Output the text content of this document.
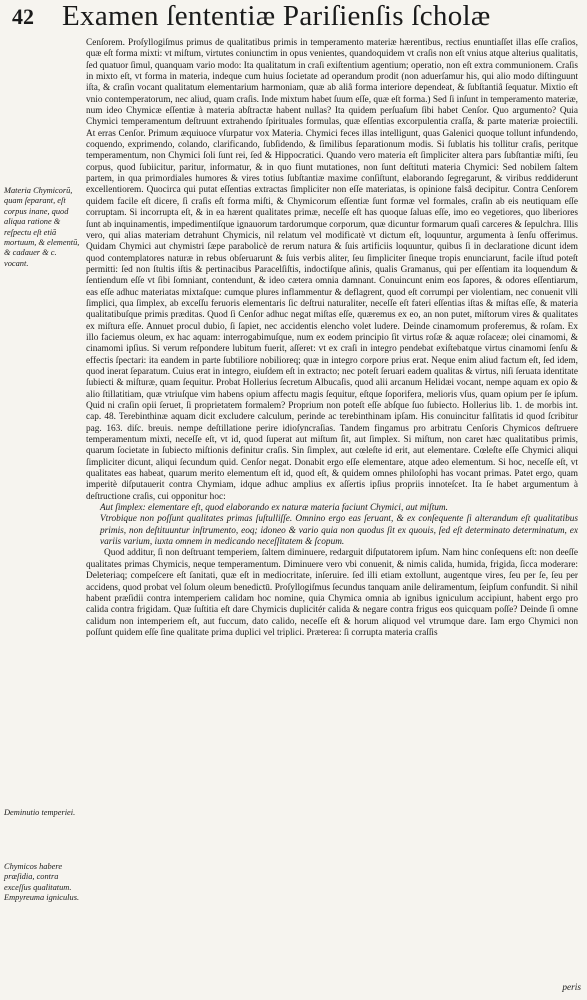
42 Examen ſententiæ Pariſienſis ſcholæ
Materia Chymicorū, quam ſeparant, eſt corpus inane, quod aliqua ratione & reſpectu eſt etiā mortuum, & elementū, & cadauer & c. vocant.
Deminutio temperiei.
Chymicos habere præſidia, contra exceſſus qualitatum. Empyreuma igniculus.

Cenſorem. Proſyllogiſmus primus de qualitatibus primis in temperamento materiæ hærentibus, rectius enuntiaſſet illas eſſe craſios, quæ eſt forma mixti: vt miſtum, virtutes coniunctim in opus venientes, quandoquidem vt craſis non eſt vnius atque alterius qualitatis, ſed quatuor ſimul, quanquam vario modo: Ita qualitatum in craſi exiſtentium agentium; operatio, non eſt extra communionem. Craſis in mixto eſt, vt forma in materia, indeque cum huius ſocietate ad operandum prodit (non aduerſamur his, qui alio modo diſtinguunt iſta, & craſin vocant qualitatum elementarium harmoniam, quæ ab aliâ forma interiore dependeat, & ſubſtantiâ ſequatur. Mixtio eſt vnio contemperatorum, nec aliud, quam craſis. Inde mixtum habet ſuum eſſe, quæ eſt forma.) Sed ſi inſunt in temperamento materiæ, num ideo Chymicæ eſſentiæ à materia abſtractæ habent nullas? Ita quidem perſuaſum ſibi habet Cenſor. Quo argumento? Quia Chymici temperamentum deſtruunt extrahendo ſpirituales formulas, quæ eſſentias excorpulentia craſſa, & parte materiæ proiectili. At erras Cenſor. Primum æquiuoce vſurpatur vox Materia. Chymici feces illas intelligunt, quas Galenici quoque tollunt infundendo, coquendo, exprimendo, colando, clarificando, ſubſidendo, & ſimilibus ſeparationum modis. Si ſublatis his tollitur craſis, peritque temperamentum, non Chymici ſoli ſunt rei, ſed & Hippocratici. Quando vero materia eſt ſimpliciter altera pars ſubſtantiæ miſti, ſeu corpus, quod ſubiicitur, paritur, informatur, & in quo fiunt mutationes, non ſunt deſtituti materia Chymici: Sed nobilem ſaltem partem, in qua primordiales humores & vires totius ſubſtantiæ maxime conſiſtunt, elaborando ſegregarunt, & viribus reddiderunt excellentiorem. Quocirca qui putat eſſentias extractas ſimpliciter non eſſe materiatas, is opinione falsâ decipitur. Contra Cenſorem quidem facile eſt dicere, ſi craſis eſt forma miſti, & Chymicorum eſſentiæ ſunt formæ vel formales, craſin ab eis neutiquam eſſe corruptam. Si incorrupta eſt, & in ea hærent qualitates primæ, neceſſe eſt has quoque ſaluas eſſe, imo eo vegetiores, quo liberiores ſunt ab inquinamentis, impedimentiſque ignauorum tardorumque corporum, quæ dicuntur formarum quaſi carceres & ſepulchra. Illis vero, qui alias materiam detrahunt Chymicis, nil relatum vel modificatè vt dictum eſt, loquuntur, argumenta à ſenſu offerimus. Quidam Chymici aut chymistri ſæpe parabolicè de rerum natura & ſuis artificiis loquuntur, quibus ſi in declaratione dicunt idem quod contemplatores naturæ in rebus obſeruarunt & ſuis verbis aliter, ſeu ſimpliciter ſineque tropis enunciarunt, facile iſtud poteſt permitti: ſed non ſtultis iſtis & pertinacibus Paracelſiſtis, indoctiſque aſinis, qualis Gramanus, qui per eſſentiam ita loquendum & ſentiendum eſſe vt ſibi ſomniant, contendunt, & ideo cætera omnia damnant. Conuincunt enim eos ſapores, & odores eſſentiarum, eas eſſe adhuc materiatas mixtaſque: cumque plures inflammentur & deflagrent, quod eſt corrumpi per violentiam, nec conuenit vlli ſimplici, qua ſimplex, ab exceſſu feruoris elementaris ſic deſtrui naturaliter, neceſſe eſt fateri eſſentias iſtas & miſtas eſſe, & materia qualitatibuſque primis præditas. Quod ſi Cenſor adhuc negat miſtas eſſe, quæremus ex eo, an non putet, miſtorum vires & qualitates ex miſtura eſſe. Annuet procul dubio, ſi ſapiet, nec accidentis elencho volet ludere. Deinde cinamomum proferemus, & roſam. Ex illo faciemus oleum, ex hac aquam: interrogabimuſque, num ex eodem principio ſit virtus roſæ & aquæ roſaceæ; olei cinamomi, & cinamomi ipſius. Si verum reſpondere lubitum fuerit, aſſeret: vt ex craſi in integro pendebat exiſtebatque virtus cinamomi ſenſu & effectis ſpectari: ita eandem in parte ſubtiliore nobilioreq; quæ in integro corpore prius erat. Neque enim aliud factum eſt, ſed idem, quod inerat ſeparatum. Cuius erat in integro, eiuſdem eſt in extracto; nec poteſt ſeruari eadem qualitas & virtus, niſi ſeruata identitate ſubiecti & miſturæ, quam ſequitur. Probat Hollerius ſecretum Albucaſis, quod alii arcanum Helidæi vocant, nempe aquam ex opio & alio ſtillatitiam, quæ vtriuſque vim habens opium affectu magis ſequitur, eſtque ſoporifera, melioris vſus, quam opium per ſe ipſum. Quid ni craſin opii ſeruet, ſi proprietatem formalem? Proprium non poteſt eſſe abſque ſuo ſubiecto. Hollerius lib. 1. de morbis int. cap. 48. Terebinthinæ aquam dicit excludere calculum, perinde ac terebinthinam ipſam. His conuincitur falſitatis id quod ſcribitur pag. 163. diſc. breuis. nempe deſtillatione perire idioſyncraſias. Tandem fingamus pro arbitratu Cenſoris Chymicos deſtruere temperamentum mixti, neceſſe eſt, vt id, quod ſuperat aut miſtum ſit, aut ſimplex. Si miſtum, non caret hæc qualitatibus primis, quarum ſocietate in ſubiecto miſtionis definitur craſis. Sin ſimplex, aut cœleſte id erit, aut elementare. Cœleſte eſſe Chymici aliqui ſimpliciter dicunt, aliqui ſecundum quid. Cenſor negat. Donabit ergo eſſe elementare, atque adeo elementum. Si hoc, neceſſe eſt, vt qualitates eas habeat, quarum merito elementum eſt id, quod eſt, & quidem omnes philoſophi has vocant primas. Patet ergo, quam imperitè diſputauerit contra Chymiam, idque adhuc amplius ex aſſertis ipſius propriis innoteſcet. Ita ſe habet argumentum à deſtructione craſis, cui opponitur hoc:

Aut ſimplex: elementare eſt, quod elaborando ex naturæ materia faciunt Chymici, aut miſtum.

Vtrobique non poſſunt qualitates primas ſuſtulliſſe. Omnino ergo eas ſeruant, & ex conſequente ſi alterandum eſt qualitatibus primis, non deſtituuntur inſtrumento, eoq; idoneo & vario quia non quodus ſit ex quouis, ſed eſt determinato determinatum, ex variis varium, iuxta omnem in medicando neceſſitatem & ſcopum.

Quod additur, ſi non deſtruant temperiem, ſaltem diminuere, redarguit diſputatorem ipſum. Nam hinc conſequens eſt: non deeſſe qualitates primas Chymicis, neque temperamentum. Diminuere vero vbi conuenit, & nimis calida, humida, frigida, ſicca moderare: Deleteriaq; compeſcere eſt ſanitati, quæ eſt in mediocritate, inſeruire. ſed illi etiam extollunt, augentque vires, ſeu per ſe, ſeu per accidens, quod probat vel ſolum oleum benedictū. Proſyllogiſmus ſecundus tanquam anile deliramentum, ſeipſum confundit. Si nihil habent præſidii contra intemperiem calidam hoc nomine, quia Chymica omnia ab ignibus igniculum accipiunt, habent ergo pro calida contra frigidam. Quæ ſuſtitia eſt dare Chymicis duplicitér calida & negare contra frigus eos quicquam poſſe? Deinde ſi omne calidum non intemperiem eſt, aut fuccum, dato calido, neceſſe eſt & horum aliquod vel vtrumque dare. Iam ergo Chymici non poſſunt quidem eſſe ſine qualitate prima duplici vel triplici. Præterea: ſi corrupta materia craſſis

peris
